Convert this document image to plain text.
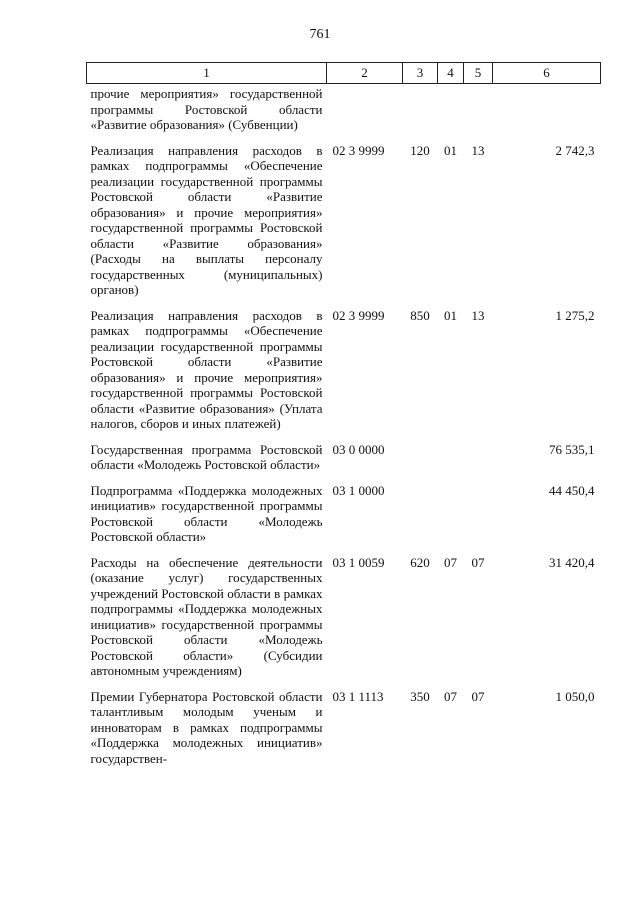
761
1	2	3	4	5	6
прочие мероприятия» государственной программы Ростовской области «Развитие образования» (Субвенции)					
Реализация направления расходов в рамках подпрограммы «Обеспечение реализации государственной программы Ростовской области «Развитие образования» и прочие мероприятия» государственной программы Ростовской области «Развитие образования» (Расходы на выплаты персоналу государственных (муниципальных) органов)	02 3 9999	120	01	13	2 742,3
Реализация направления расходов в рамках подпрограммы «Обеспечение реализации государственной программы Ростовской области «Развитие образования» и прочие мероприятия» государственной программы Ростовской области «Развитие образования» (Уплата налогов, сборов и иных платежей)	02 3 9999	850	01	13	1 275,2
Государственная программа Ростовской области «Молодежь Ростовской области»	03 0 0000				76 535,1
Подпрограмма «Поддержка молодежных инициатив» государственной программы Ростовской области «Молодежь Ростовской области»	03 1 0000				44 450,4
Расходы на обеспечение деятельности (оказание услуг) государственных учреждений Ростовской области в рамках подпрограммы «Поддержка молодежных инициатив» государственной программы Ростовской области «Молодежь Ростовской области» (Субсидии автономным учреждениям)	03 1 0059	620	07	07	31 420,4
Премии Губернатора Ростовской области талантливым молодым ученым и инноваторам в рамках подпрограммы «Поддержка молодежных инициатив» государствен-	03 1 1113	350	07	07	1 050,0
